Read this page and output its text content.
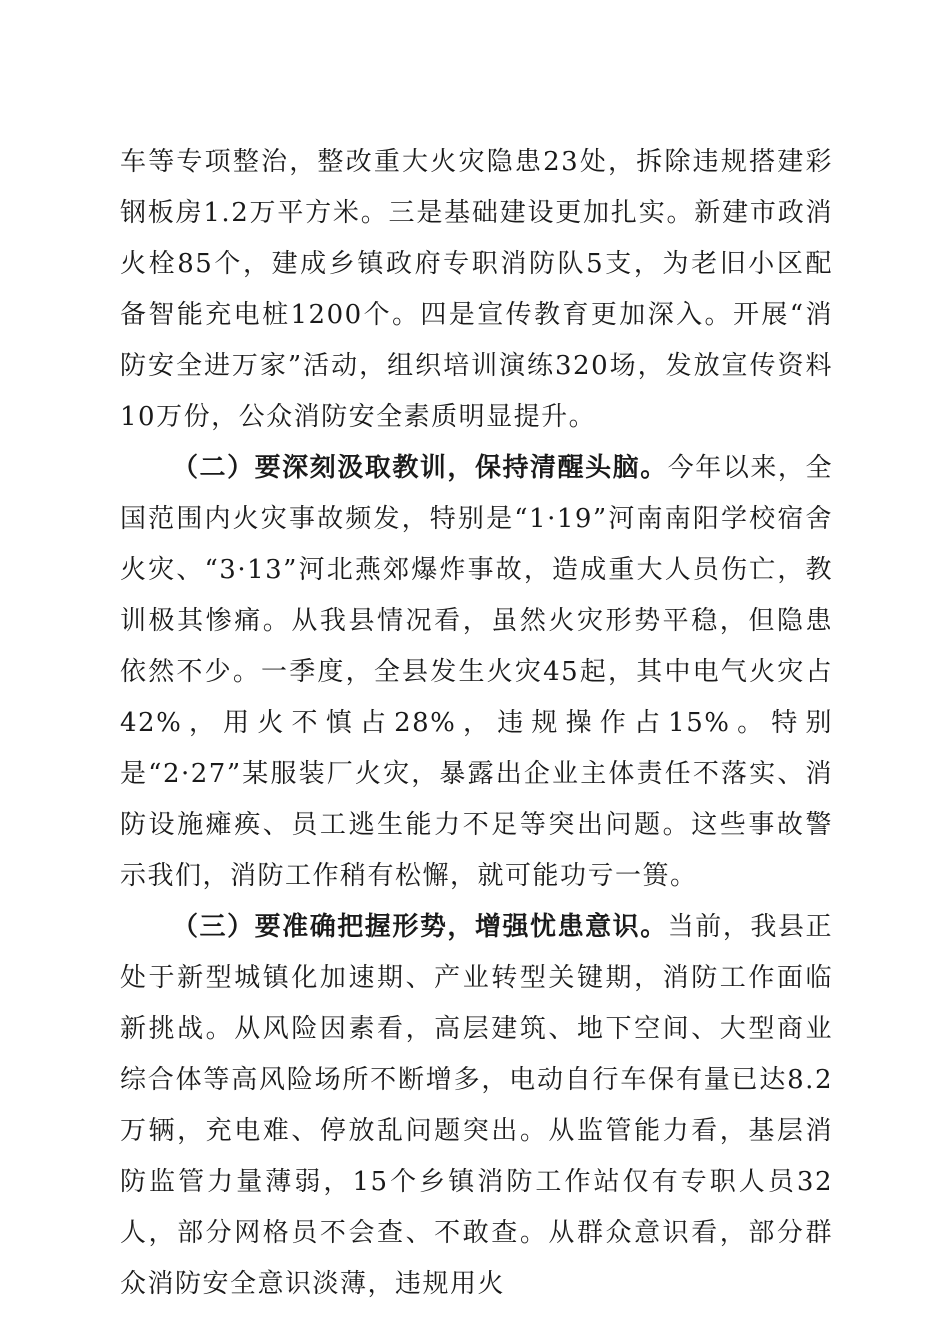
车等专项整治，整改重大火灾隐患23处，拆除违规搭建彩钢板房1.2万平方米。三是基础建设更加扎实。新建市政消火栓85个，建成乡镇政府专职消防队5支，为老旧小区配备智能充电桩1200个。四是宣传教育更加深入。开展“消防安全进万家”活动，组织培训演练320场，发放宣传资料10万份，公众消防安全素质明显提升。

（二）要深刻汲取教训，保持清醒头脑。今年以来，全国范围内火灾事故频发，特别是“1·19”河南南阳学校宿舍火灾、“3·13”河北燕郊爆炸事故，造成重大人员伤亡，教训极其惨痛。从我县情况看，虽然火灾形势平稳，但隐患依然不少。一季度，全县发生火灾45起，其中电气火灾占42%，用火不慎占28%，违规操作占15%。特别是“2·27”某服装厂火灾，暴露出企业主体责任不落实、消防设施瘫痪、员工逃生能力不足等突出问题。这些事故警示我们，消防工作稍有松懈，就可能功亏一篑。

（三）要准确把握形势，增强忧患意识。当前，我县正处于新型城镇化加速期、产业转型关键期，消防工作面临新挑战。从风险因素看，高层建筑、地下空间、大型商业综合体等高风险场所不断增多，电动自行车保有量已达8.2万辆，充电难、停放乱问题突出。从监管能力看，基层消防监管力量薄弱，15个乡镇消防工作站仅有专职人员32人，部分网格员不会查、不敢查。从群众意识看，部分群众消防安全意识淡薄，违规用火
